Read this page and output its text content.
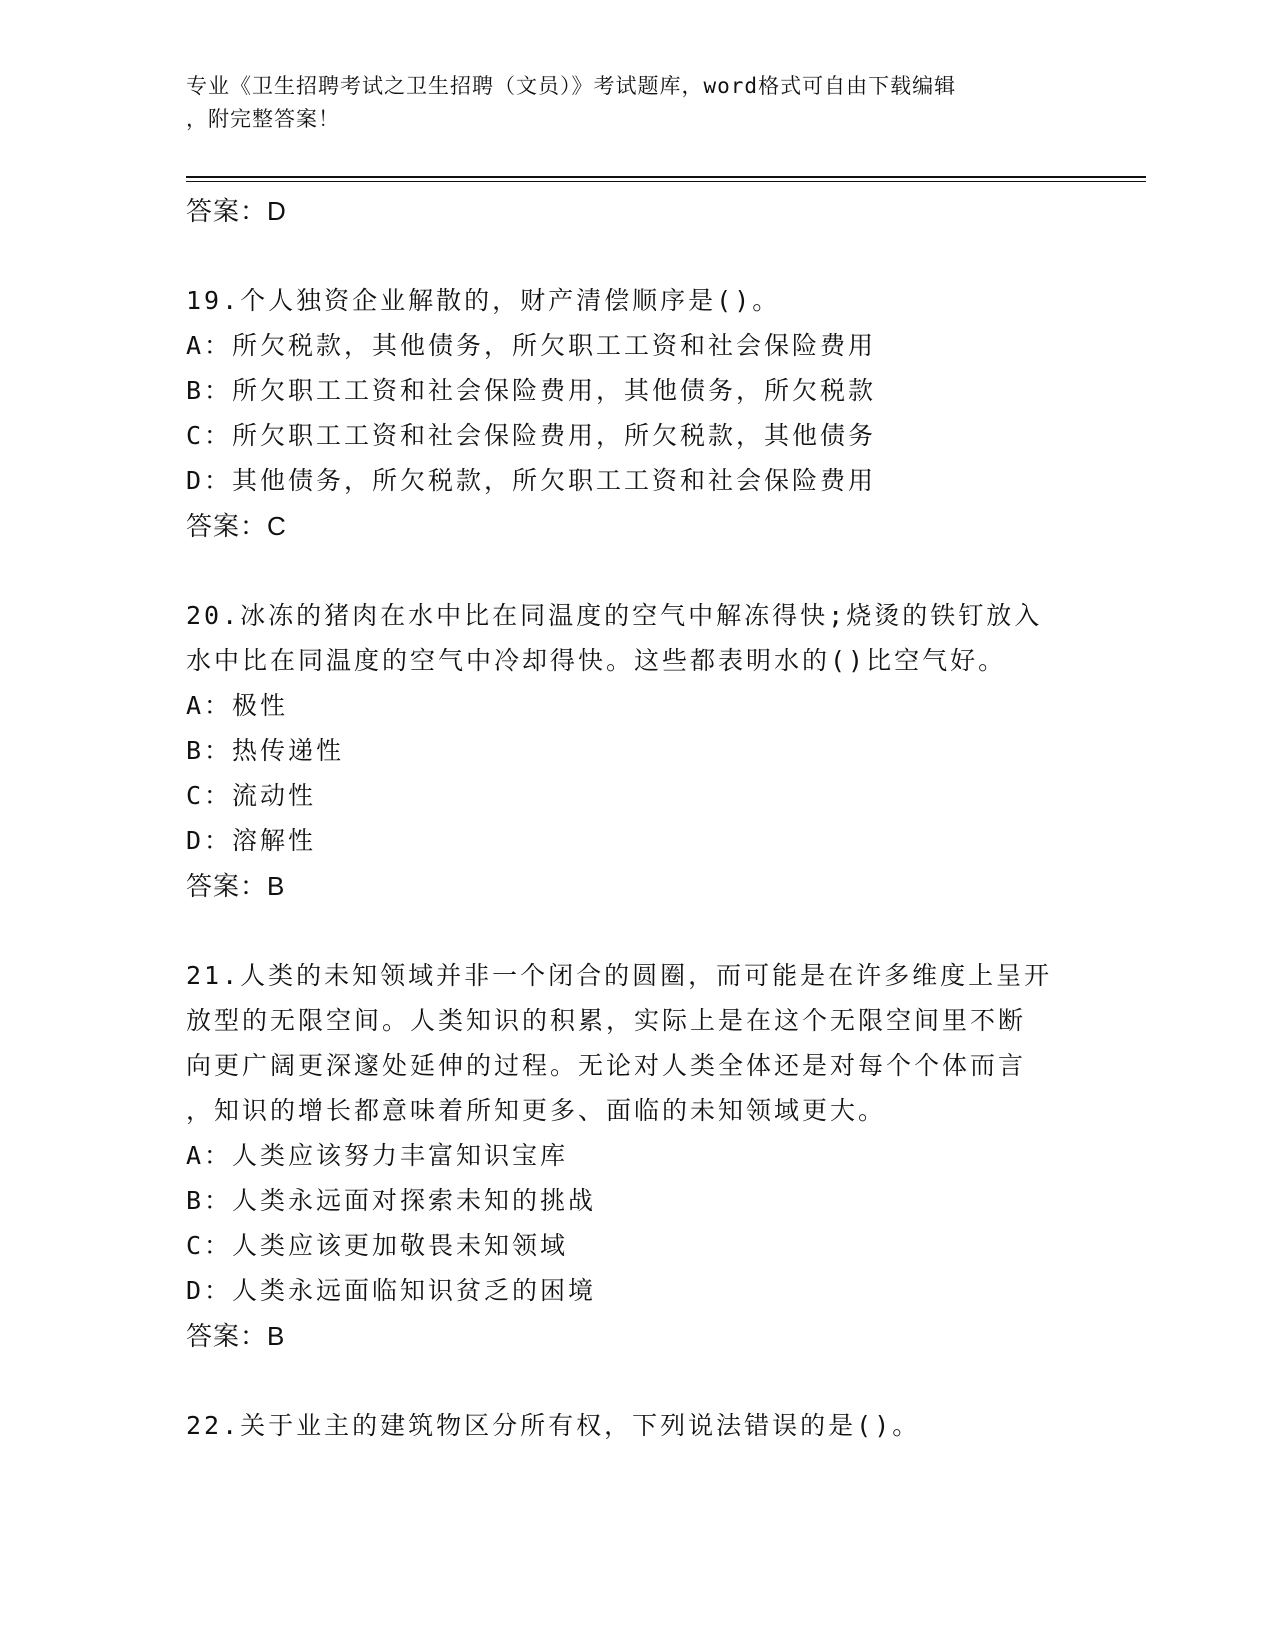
专业《卫生招聘考试之卫生招聘（文员）》考试题库，word格式可自由下载编辑
，附完整答案！
答案：D
19.个人独资企业解散的，财产清偿顺序是()。
A：所欠税款，其他债务，所欠职工工资和社会保险费用
B：所欠职工工资和社会保险费用，其他债务，所欠税款
C：所欠职工工资和社会保险费用，所欠税款，其他债务
D：其他债务，所欠税款，所欠职工工资和社会保险费用
答案：C
20.冰冻的猪肉在水中比在同温度的空气中解冻得快;烧烫的铁钉放入
水中比在同温度的空气中冷却得快。这些都表明水的()比空气好。
A：极性
B：热传递性
C：流动性
D：溶解性
答案：B
21.人类的未知领域并非一个闭合的圆圈，而可能是在许多维度上呈开
放型的无限空间。人类知识的积累，实际上是在这个无限空间里不断
向更广阔更深邃处延伸的过程。无论对人类全体还是对每个个体而言
，知识的增长都意味着所知更多、面临的未知领域更大。
A：人类应该努力丰富知识宝库
B：人类永远面对探索未知的挑战
C：人类应该更加敬畏未知领域
D：人类永远面临知识贫乏的困境
答案：B
22.关于业主的建筑物区分所有权，下列说法错误的是()。
